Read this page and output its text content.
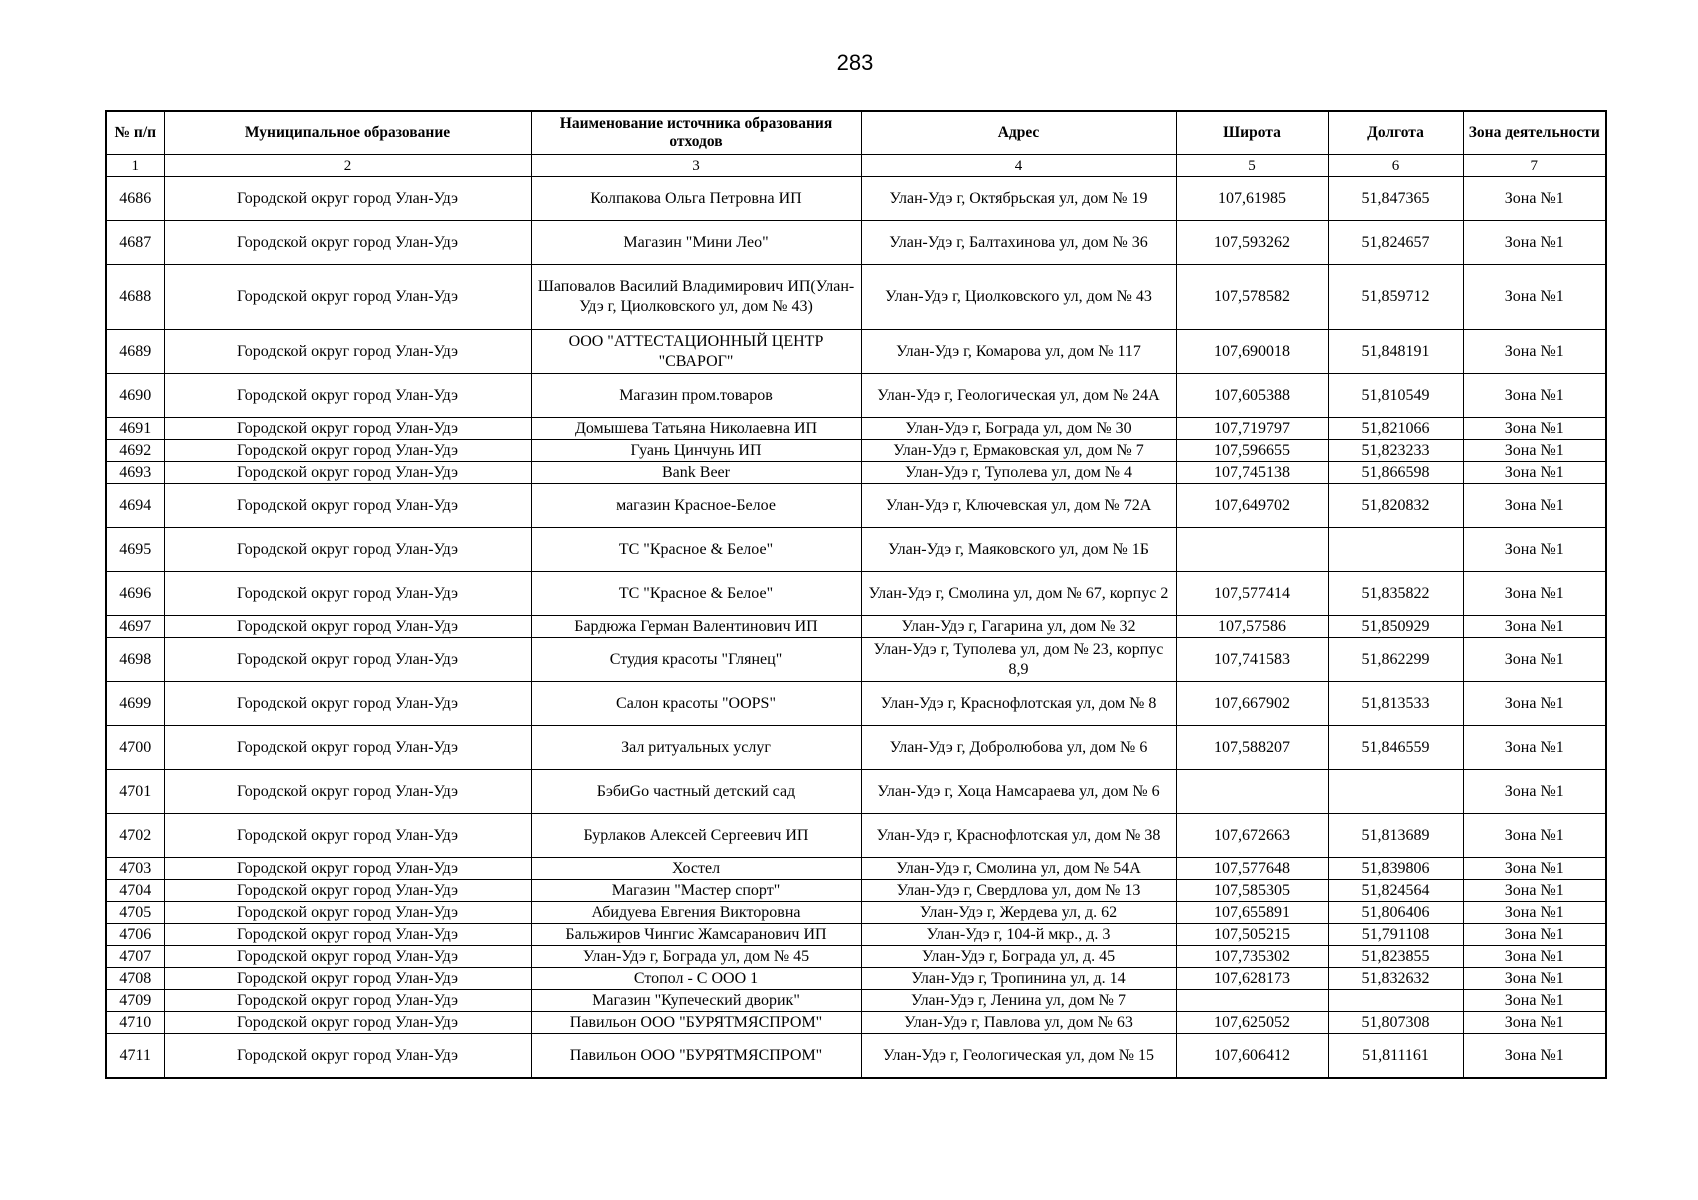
283
№ п/п	Муниципальное образование	Наименование источника образования отходов	Адрес	Широта	Долгота	Зона деятельности
1	2	3	4	5	6	7
4686	Городской округ город Улан-Удэ	Колпакова Ольга Петровна ИП	Улан-Удэ г, Октябрьская ул, дом № 19	107,61985	51,847365	Зона №1
4687	Городской округ город Улан-Удэ	Магазин "Мини Лео"	Улан-Удэ г, Балтахинова ул, дом № 36	107,593262	51,824657	Зона №1
4688	Городской округ город Улан-Удэ	Шаповалов Василий Владимирович ИП(Улан-Удэ г, Циолковского ул, дом № 43)	Улан-Удэ г, Циолковского ул, дом № 43	107,578582	51,859712	Зона №1
4689	Городской округ город Улан-Удэ	ООО "АТТЕСТАЦИОННЫЙ ЦЕНТР "СВАРОГ"	Улан-Удэ г, Комарова ул, дом № 117	107,690018	51,848191	Зона №1
4690	Городской округ город Улан-Удэ	Магазин пром.товаров	Улан-Удэ г, Геологическая ул, дом № 24А	107,605388	51,810549	Зона №1
4691	Городской округ город Улан-Удэ	Домышева Татьяна Николаевна ИП	Улан-Удэ г, Бограда ул, дом № 30	107,719797	51,821066	Зона №1
4692	Городской округ город Улан-Удэ	Гуань Цинчунь ИП	Улан-Удэ г, Ермаковская ул, дом № 7	107,596655	51,823233	Зона №1
4693	Городской округ город Улан-Удэ	Bank Beer	Улан-Удэ г, Туполева ул, дом № 4	107,745138	51,866598	Зона №1
4694	Городской округ город Улан-Удэ	магазин Красное-Белое	Улан-Удэ г, Ключевская ул, дом № 72А	107,649702	51,820832	Зона №1
4695	Городской округ город Улан-Удэ	ТС "Красное & Белое"	Улан-Удэ г, Маяковского ул, дом № 1Б			Зона №1
4696	Городской округ город Улан-Удэ	ТС "Красное & Белое"	Улан-Удэ г, Смолина ул, дом № 67, корпус 2	107,577414	51,835822	Зона №1
4697	Городской округ город Улан-Удэ	Бардюжа Герман Валентинович ИП	Улан-Удэ г, Гагарина ул, дом № 32	107,57586	51,850929	Зона №1
4698	Городской округ город Улан-Удэ	Студия красоты "Глянец"	Улан-Удэ г, Туполева ул, дом № 23, корпус 8,9	107,741583	51,862299	Зона №1
4699	Городской округ город Улан-Удэ	Салон красоты "OOPS"	Улан-Удэ г, Краснофлотская ул, дом № 8	107,667902	51,813533	Зона №1
4700	Городской округ город Улан-Удэ	Зал ритуальных услуг	Улан-Удэ г, Добролюбова ул, дом № 6	107,588207	51,846559	Зона №1
4701	Городской округ город Улан-Удэ	БэбиGo частный детский сад	Улан-Удэ г, Хоца Намсараева ул, дом № 6			Зона №1
4702	Городской округ город Улан-Удэ	Бурлаков Алексей Сергеевич ИП	Улан-Удэ г, Краснофлотская ул, дом № 38	107,672663	51,813689	Зона №1
4703	Городской округ город Улан-Удэ	Хостел	Улан-Удэ г, Смолина ул, дом № 54А	107,577648	51,839806	Зона №1
4704	Городской округ город Улан-Удэ	Магазин "Мастер спорт"	Улан-Удэ г, Свердлова ул, дом № 13	107,585305	51,824564	Зона №1
4705	Городской округ город Улан-Удэ	Абидуева Евгения Викторовна	Улан-Удэ г, Жердева ул, д. 62	107,655891	51,806406	Зона №1
4706	Городской округ город Улан-Удэ	Бальжиров Чингис Жамсаранович ИП	Улан-Удэ г, 104-й мкр., д. 3	107,505215	51,791108	Зона №1
4707	Городской округ город Улан-Удэ	Улан-Удэ г, Бограда ул, дом № 45	Улан-Удэ г, Бограда ул, д. 45	107,735302	51,823855	Зона №1
4708	Городской округ город Улан-Удэ	Стопол - С ООО 1	Улан-Удэ г, Тропинина ул, д. 14	107,628173	51,832632	Зона №1
4709	Городской округ город Улан-Удэ	Магазин "Купеческий дворик"	Улан-Удэ г, Ленина ул, дом № 7			Зона №1
4710	Городской округ город Улан-Удэ	Павильон ООО "БУРЯТМЯСПРОМ"	Улан-Удэ г, Павлова ул, дом № 63	107,625052	51,807308	Зона №1
4711	Городской округ город Улан-Удэ	Павильон ООО "БУРЯТМЯСПРОМ"	Улан-Удэ г, Геологическая ул, дом № 15	107,606412	51,811161	Зона №1
